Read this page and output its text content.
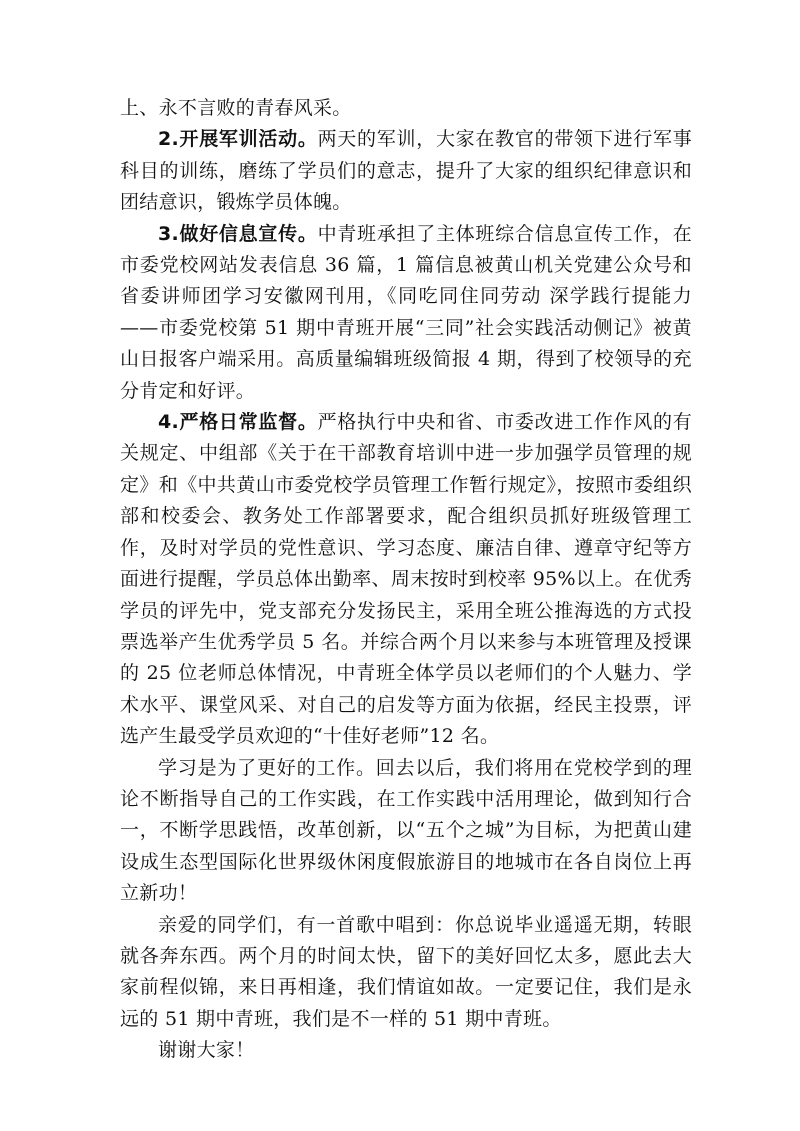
上、永不言败的青春风采。

2.开展军训活动。两天的军训，大家在教官的带领下进行军事科目的训练，磨练了学员们的意志，提升了大家的组织纪律意识和团结意识，锻炼学员体魄。

3.做好信息宣传。中青班承担了主体班综合信息宣传工作，在市委党校网站发表信息 36 篇，1 篇信息被黄山机关党建公众号和省委讲师团学习安徽网刊用，《同吃同住同劳动 深学践行提能力——市委党校第 51 期中青班开展“三同”社会实践活动侧记》被黄山日报客户端采用。高质量编辑班级简报 4 期，得到了校领导的充分肯定和好评。

4.严格日常监督。严格执行中央和省、市委改进工作作风的有关规定、中组部《关于在干部教育培训中进一步加强学员管理的规定》和《中共黄山市委党校学员管理工作暂行规定》，按照市委组织部和校委会、教务处工作部署要求，配合组织员抓好班级管理工作，及时对学员的党性意识、学习态度、廉洁自律、遵章守纪等方面进行提醒，学员总体出勤率、周末按时到校率 95%以上。在优秀学员的评先中，党支部充分发扬民主，采用全班公推海选的方式投票选举产生优秀学员 5 名。并综合两个月以来参与本班管理及授课的 25 位老师总体情况，中青班全体学员以老师们的个人魅力、学术水平、课堂风采、对自己的启发等方面为依据，经民主投票，评选产生最受学员欢迎的“十佳好老师”12 名。

学习是为了更好的工作。回去以后，我们将用在党校学到的理论不断指导自己的工作实践，在工作实践中活用理论，做到知行合一，不断学思践悟，改革创新，以“五个之城”为目标，为把黄山建设成生态型国际化世界级休闲度假旅游目的地城市在各自岗位上再立新功！

亲爱的同学们，有一首歌中唱到：你总说毕业遥遥无期，转眼就各奔东西。两个月的时间太快，留下的美好回忆太多，愿此去大家前程似锦，来日再相逢，我们情谊如故。一定要记住，我们是永远的 51 期中青班，我们是不一样的 51 期中青班。

谢谢大家！
